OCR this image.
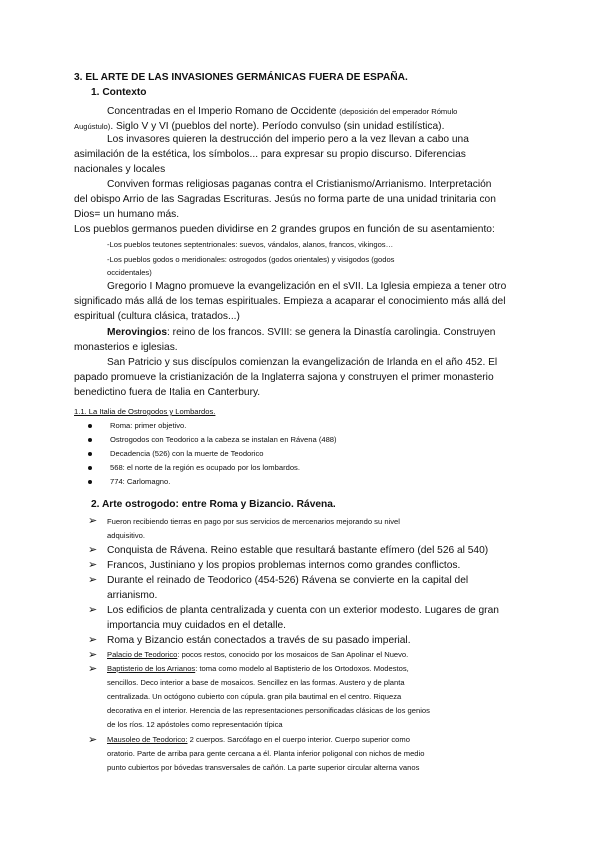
3. EL ARTE DE LAS INVASIONES GERMÁNICAS FUERA DE ESPAÑA.
1. Contexto
Concentradas en el Imperio Romano de Occidente (deposición del emperador Rómulo
Augústulo). Siglo V y VI (pueblos del norte). Período convulso (sin unidad estilística).
Los invasores quieren la destrucción del imperio pero a la vez llevan a cabo una
asimilación de la estética, los símbolos... para expresar su propio discurso. Diferencias
nacionales y locales
Conviven formas religiosas paganas contra el Cristianismo/Arrianismo. Interpretación
del obispo Arrio de las Sagradas Escrituras. Jesús no forma parte de una unidad trinitaria con
Dios= un humano más.
Los pueblos germanos pueden dividirse en 2 grandes grupos en función de su asentamiento:
-Los pueblos teutones septentrionales: suevos, vándalos, alanos, francos, vikingos…
-Los pueblos godos o meridionales: ostrogodos (godos orientales) y visigodos (godos
occidentales)
Gregorio I Magno promueve la evangelización en el sVII. La Iglesia empieza a tener otro
significado más allá de los temas espirituales. Empieza a acaparar el conocimiento más allá del
espiritual (cultura clásica, tratados...)
Merovingios: reino de los francos. SVIII: se genera la Dinastía carolingia. Construyen
monasterios e iglesias.
San Patricio y sus discípulos comienzan la evangelización de Irlanda en el año 452. El
papado promueve la cristianización de la Inglaterra sajona y construyen el primer monasterio
benedictino fuera de Italia en Canterbury.
1.1. La Italia de Ostrogodos y Lombardos.
Roma: primer objetivo.
Ostrogodos con Teodorico a la cabeza se instalan en Rávena (488)
Decadencia (526) con la muerte de Teodorico
568: el norte de la región es ocupado por los lombardos.
774: Carlomagno.
2. Arte ostrogodo: entre Roma y Bizancio. Rávena.
➢ Fueron recibiendo tierras en pago por sus servicios de mercenarios mejorando su nivel
adquisitivo.
➢ Conquista de Rávena. Reino estable que resultará bastante efímero (del 526 al 540)
➢ Francos, Justiniano y los propios problemas internos como grandes conflictos.
➢ Durante el reinado de Teodorico (454-526) Rávena se convierte en la capital del
arrianismo.
➢ Los edificios de planta centralizada y cuenta con un exterior modesto. Lugares de gran
importancia muy cuidados en el detalle.
➢ Roma y Bizancio están conectados a través de su pasado imperial.
➢ Palacio de Teodorico: pocos restos, conocido por los mosaicos de San Apolinar el Nuevo.
➢ Baptisterio de los Arrianos: toma como modelo al Baptisterio de los Ortodoxos. Modestos,
sencillos. Deco interior a base de mosaicos. Sencillez en las formas. Austero y de planta
centralizada. Un octógono cubierto con cúpula. gran pila bautimal en el centro. Riqueza
decorativa en el interior. Herencia de las representaciones personificadas clásicas de los genios
de los ríos. 12 apóstoles como representación típica
➢ Mausoleo de Teodorico: 2 cuerpos. Sarcófago en el cuerpo interior. Cuerpo superior como
oratorio. Parte de arriba para gente cercana a él. Planta inferior poligonal con nichos de medio
punto cubiertos por bóvedas transversales de cañón. La parte superior circular alterna vanos
